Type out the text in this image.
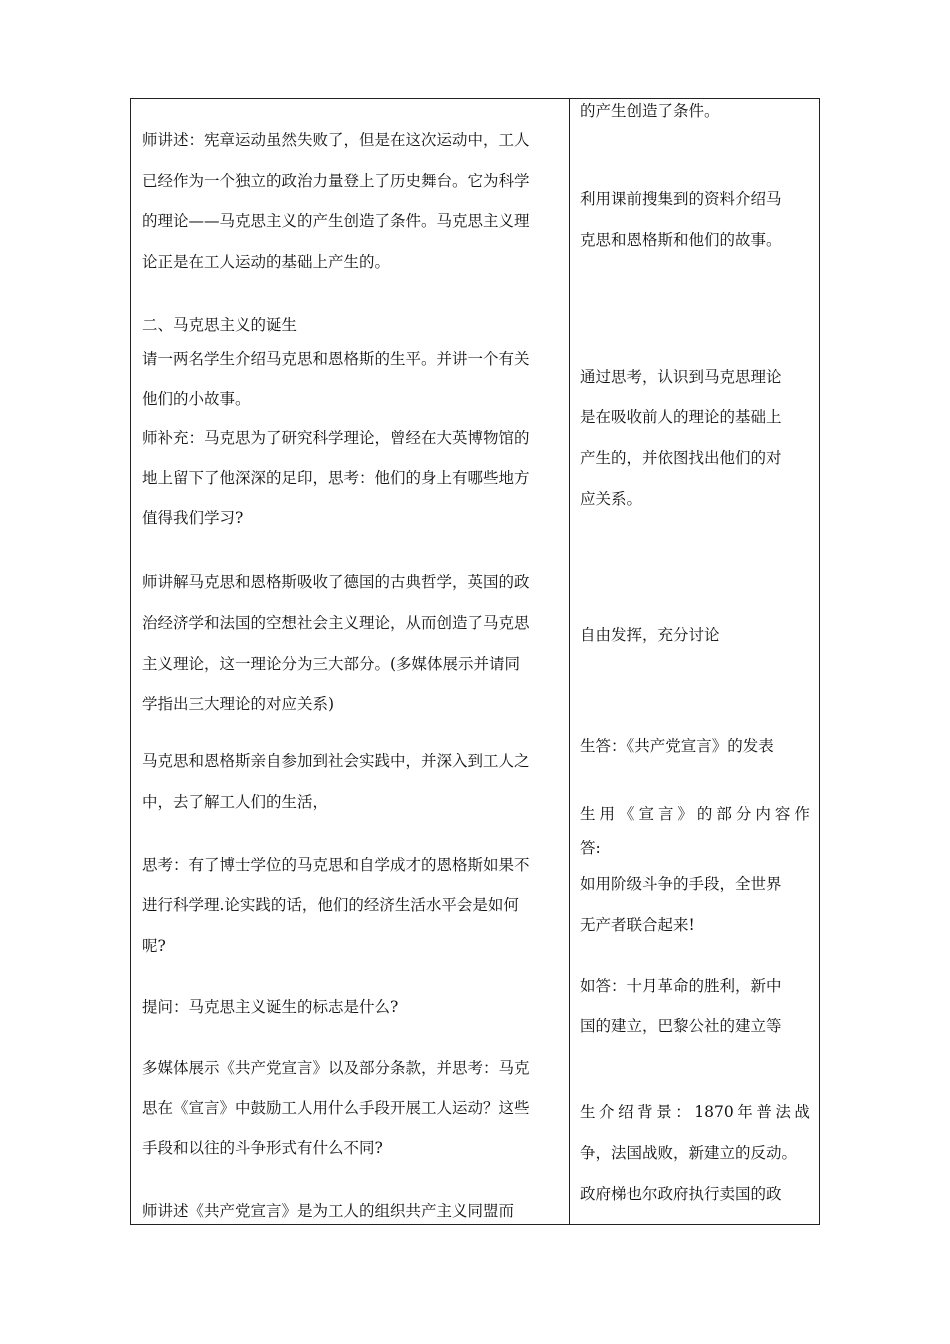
师讲述：宪章运动虽然失败了，但是在这次运动中，工人
已经作为一个独立的政治力量登上了历史舞台。它为科学
的理论——马克思主义的产生创造了条件。马克思主义理
论正是在工人运动的基础上产生的。
二、马克思主义的诞生
请一两名学生介绍马克思和恩格斯的生平。并讲一个有关
他们的小故事。
师补充：马克思为了研究科学理论，曾经在大英博物馆的
地上留下了他深深的足印，思考：他们的身上有哪些地方
值得我们学习?
师讲解马克思和恩格斯吸收了德国的古典哲学，英国的政
治经济学和法国的空想社会主义理论，从而创造了马克思
主义理论，这一理论分为三大部分。(多媒体展示并请同
学指出三大理论的对应关系)
马克思和恩格斯亲自参加到社会实践中，并深入到工人之
中，去了解工人们的生活，
思考：有了博士学位的马克思和自学成才的恩格斯如果不
进行科学理.论实践的话，他们的经济生活水平会是如何
呢?
提问：马克思主义诞生的标志是什么?
多媒体展示《共产党宣言》以及部分条款，并思考：马克
思在《宣言》中鼓励工人用什么手段开展工人运动？这些
手段和以往的斗争形式有什么不同?
师讲述《共产党宣言》是为工人的组织共产主义同盟而
的产生创造了条件。
利用课前搜集到的资料介绍马
克思和恩格斯和他们的故事。
通过思考，认识到马克思理论
是在吸收前人的理论的基础上
产生的，并依图找出他们的对
应关系。
自由发挥，充分讨论
生答：《共产党宣言》的发表
生 用 《 宣 言 》 的 部 分 内 容 作
答:
如用阶级斗争的手段，全世界
无产者联合起来!
如答：十月革命的胜利，新中
国的建立，巴黎公社的建立等
生 介 绍 背 景 ： 1870 年 普 法 战
争，法国战败，新建立的反动。
政府梯也尔政府执行卖国的政
